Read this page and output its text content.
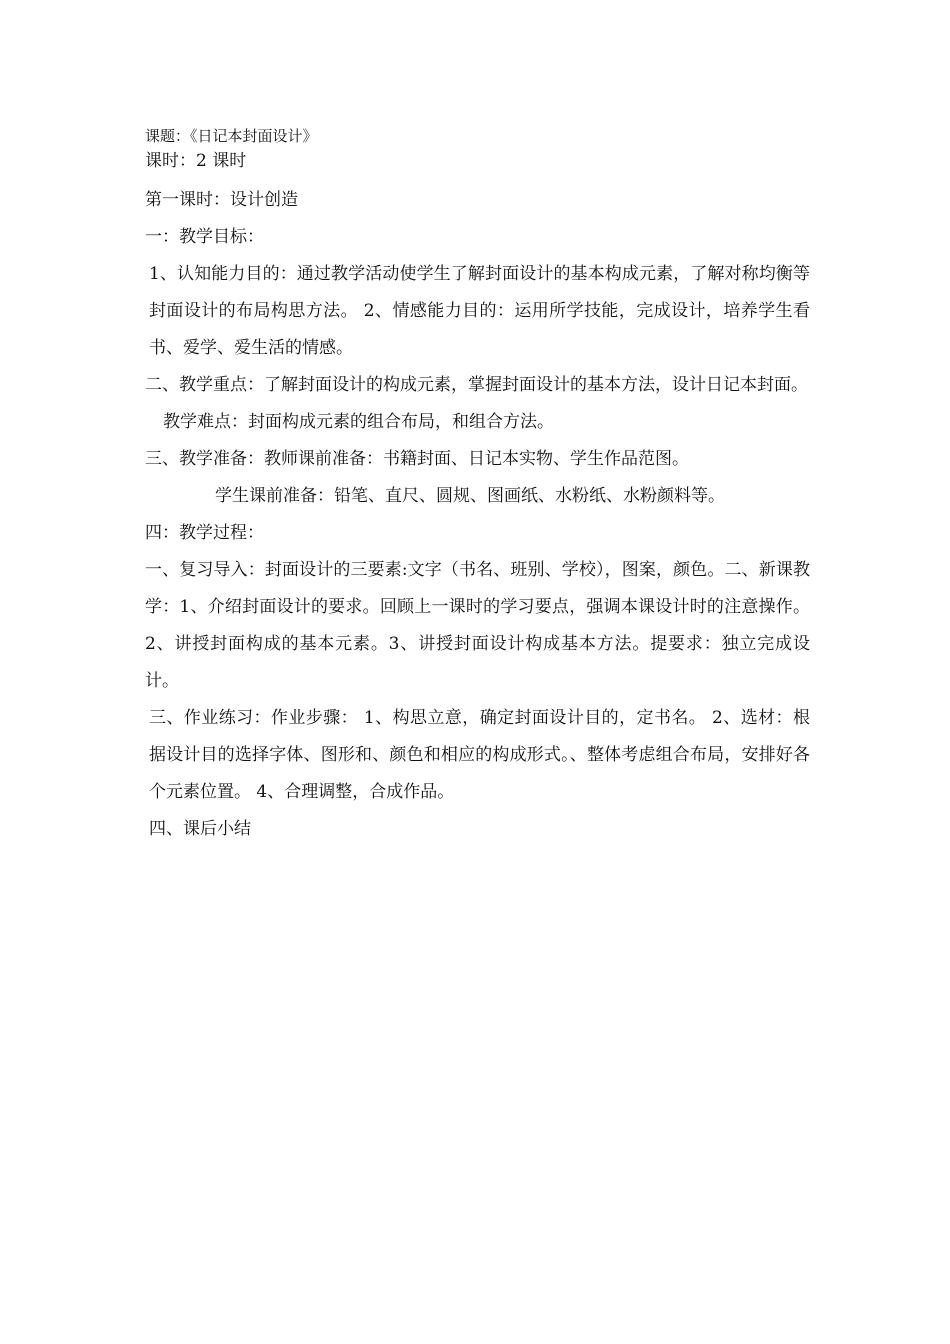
课题：《日记本封面设计》

课时：2 课时

第一课时：设计创造

一：教学目标：

1、认知能力目的：通过教学活动使学生了解封面设计的基本构成元素，了解对称均衡等封面设计的布局构思方法。 2、情感能力目的：运用所学技能，完成设计，培养学生看书、爱学、爱生活的情感。

二、教学重点：了解封面设计的构成元素，掌握封面设计的基本方法，设计日记本封面。

教学难点：封面构成元素的组合布局，和组合方法。

三、教学准备：教师课前准备：书籍封面、日记本实物、学生作品范图。

学生课前准备：铅笔、直尺、圆规、图画纸、水粉纸、水粉颜料等。

四：教学过程：

一、复习导入：封面设计的三要素:文字（书名、班别、学校），图案，颜色。二、新课教学：1、介绍封面设计的要求。回顾上一课时的学习要点，强调本课设计时的注意操作。2、讲授封面构成的基本元素。3、讲授封面设计构成基本方法。提要求：独立完成设计。

三、作业练习：作业步骤： 1、构思立意，确定封面设计目的，定书名。 2、选材：根据设计目的选择字体、图形和、颜色和相应的构成形式。、整体考虑组合布局，安排好各个元素位置。 4、合理调整，合成作品。

四、课后小结
